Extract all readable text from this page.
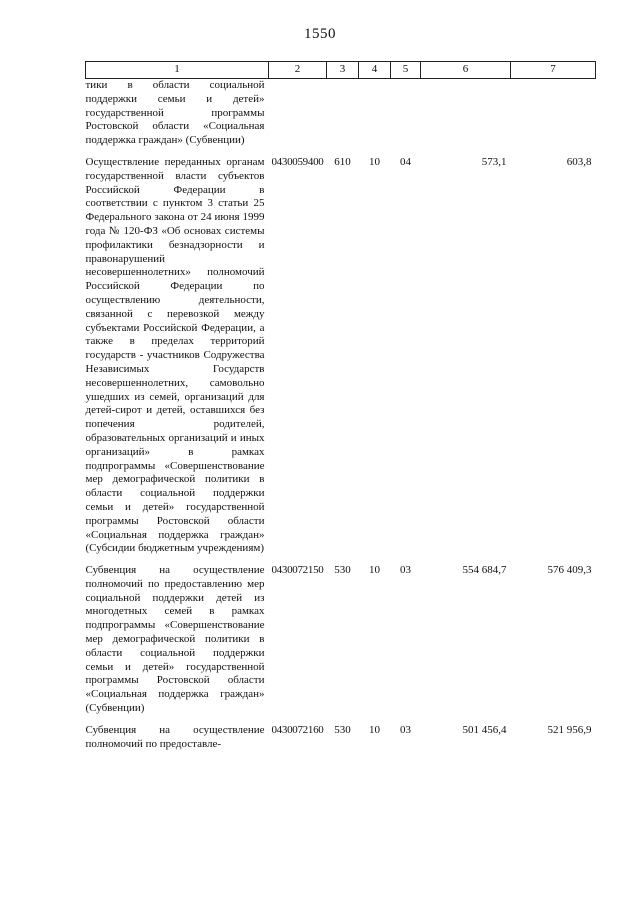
1550
1	2	3	4	5	6	7
тики в области социальной поддержки семьи и детей» государственной программы Ростовской области «Социальная поддержка граждан» (Субвенции)						

Осуществление переданных органам государственной власти субъектов Российской Федерации в соответствии с пунктом 3 статьи 25 Федерального закона от 24 июня 1999 года № 120-ФЗ «Об основах системы профилактики безнадзорности и правонарушений несовершеннолетних» полномочий Российской Федерации по осуществлению деятельности, связанной с перевозкой между субъектами Российской Федерации, а также в пределах территорий государств - участников Содружества Независимых Государств несовершеннолетних, самовольно ушедших из семей, организаций для детей-сирот и детей, оставшихся без попечения родителей, образовательных организаций и иных организаций» в рамках подпрограммы «Совершенствование мер демографической политики в области социальной поддержки семьи и детей» государственной программы Ростовской области «Социальная поддержка граждан» (Субсидии бюджетным учреждениям)	0430059400	610	10	04	573,1	603,8

Субвенция на осуществление полномочий по предоставлению мер социальной поддержки детей из многодетных семей в рамках подпрограммы «Совершенствование мер демографической политики в области социальной поддержки семьи и детей» государственной программы Ростовской области «Социальная поддержка граждан» (Субвенции)	0430072150	530	10	03	554 684,7	576 409,3

Субвенция на осуществление полномочий по предоставле-	0430072160	530	10	03	501 456,4	521 956,9
